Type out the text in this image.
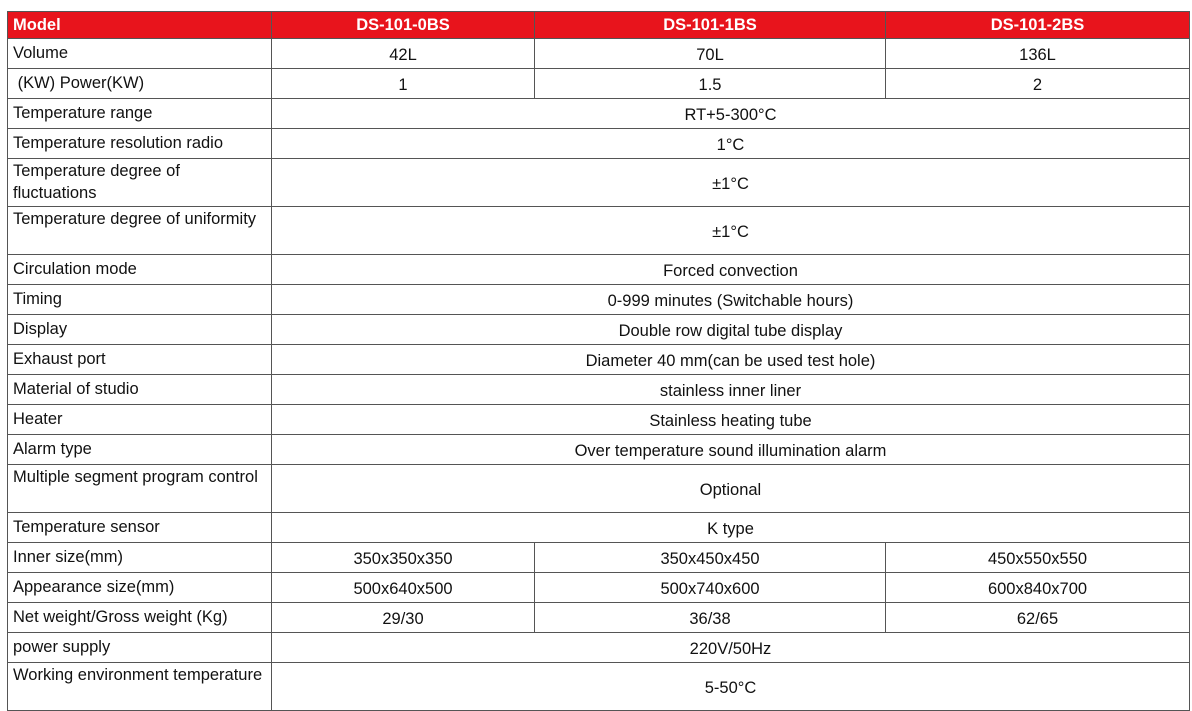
Model	DS-101-0BS	DS-101-1BS	DS-101-2BS
Volume	42L	70L	136L
(KW) Power(KW)	1	1.5	2
Temperature range	RT+5-300°C		
Temperature resolution radio	1°C		
Temperature degree of fluctuations	±1°C		
Temperature degree of uniformity	±1°C		
Circulation mode	Forced convection		
Timing	0-999 minutes (Switchable hours)		
Display	Double row digital tube display		
Exhaust port	Diameter 40 mm(can be used test hole)		
Material of studio	stainless inner liner		
Heater	Stainless heating tube		
Alarm type	Over temperature sound illumination alarm		
Multiple segment program control	Optional		
Temperature sensor	K type		
Inner size(mm)	350x350x350	350x450x450	450x550x550
Appearance size(mm)	500x640x500	500x740x600	600x840x700
Net weight/Gross weight (Kg)	29/30	36/38	62/65
power supply	220V/50Hz		
Working environment temperature	5-50°C		
